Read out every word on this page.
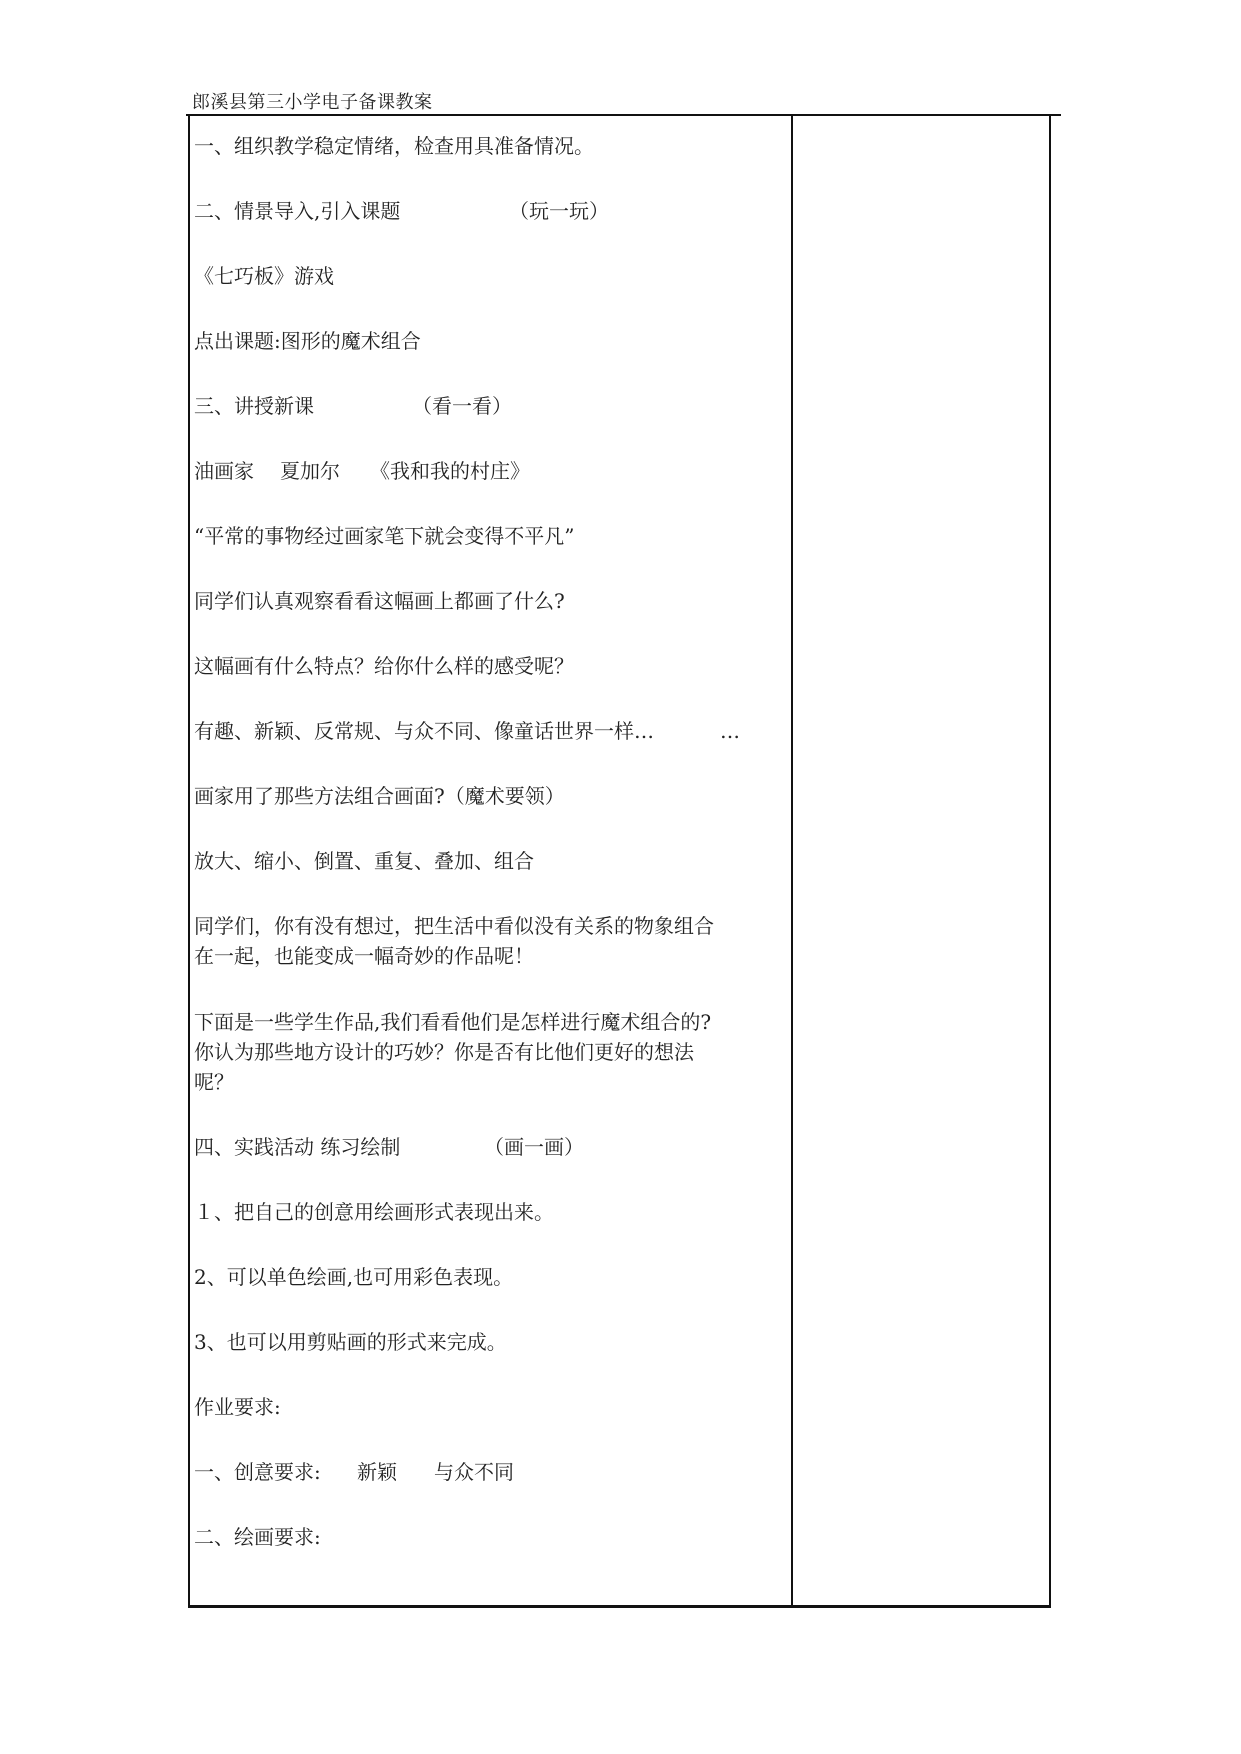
郎溪县第三小学电子备课教案
一、组织教学稳定情绪，检查用具准备情况。
二、情景导入,引入课题	（玩一玩）
《七巧板》游戏
点出课题:图形的魔术组合
三、讲授新课	（看一看）
油画家 夏加尔 《我和我的村庄》
“平常的事物经过画家笔下就会变得不平凡”
同学们认真观察看看这幅画上都画了什么?
这幅画有什么特点？给你什么样的感受呢？
有趣、新颖、反常规、与众不同、像童话世界一样…	…
画家用了那些方法组合画面?（魔术要领）
放大、缩小、倒置、重复、叠加、组合
同学们，你有没有想过，把生活中看似没有关系的物象组合
在一起，也能变成一幅奇妙的作品呢！
下面是一些学生作品,我们看看他们是怎样进行魔术组合的?
你认为那些地方设计的巧妙？你是否有比他们更好的想法
呢？
四、实践活动 练习绘制	（画一画）
１、把自己的创意用绘画形式表现出来。
2、可以单色绘画,也可用彩色表现。
3、也可以用剪贴画的形式来完成。
作业要求:
一、创意要求: 新颖 与众不同
二、绘画要求:
